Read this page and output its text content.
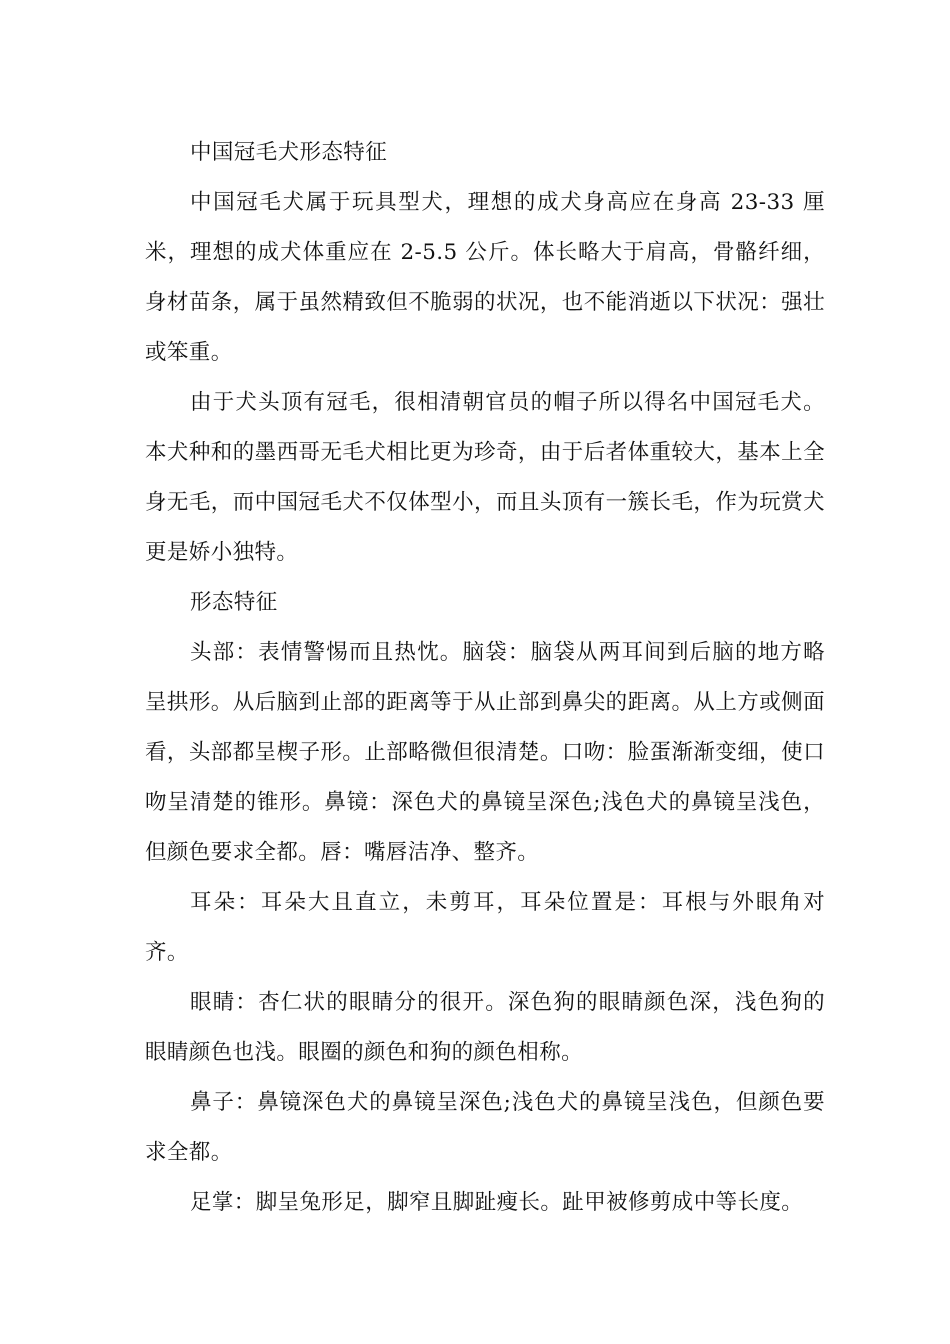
中国冠毛犬形态特征

中国冠毛犬属于玩具型犬，理想的成犬身高应在身高 23-33 厘米，理想的成犬体重应在 2-5.5 公斤。体长略大于肩高，骨骼纤细，身材苗条，属于虽然精致但不脆弱的状况，也不能消逝以下状况：强壮或笨重。

由于犬头顶有冠毛，很相清朝官员的帽子所以得名中国冠毛犬。本犬种和的墨西哥无毛犬相比更为珍奇，由于后者体重较大，基本上全身无毛，而中国冠毛犬不仅体型小，而且头顶有一簇长毛，作为玩赏犬更是娇小独特。

形态特征

头部：表情警惕而且热忱。脑袋：脑袋从两耳间到后脑的地方略呈拱形。从后脑到止部的距离等于从止部到鼻尖的距离。从上方或侧面看，头部都呈楔子形。止部略微但很清楚。口吻：脸蛋渐渐变细，使口吻呈清楚的锥形。鼻镜：深色犬的鼻镜呈深色;浅色犬的鼻镜呈浅色，但颜色要求全都。唇：嘴唇洁净、整齐。

耳朵：耳朵大且直立，未剪耳，耳朵位置是：耳根与外眼角对齐。

眼睛：杏仁状的眼睛分的很开。深色狗的眼睛颜色深，浅色狗的眼睛颜色也浅。眼圈的颜色和狗的颜色相称。

鼻子：鼻镜深色犬的鼻镜呈深色;浅色犬的鼻镜呈浅色，但颜色要求全都。

足掌：脚呈兔形足，脚窄且脚趾瘦长。趾甲被修剪成中等长度。
